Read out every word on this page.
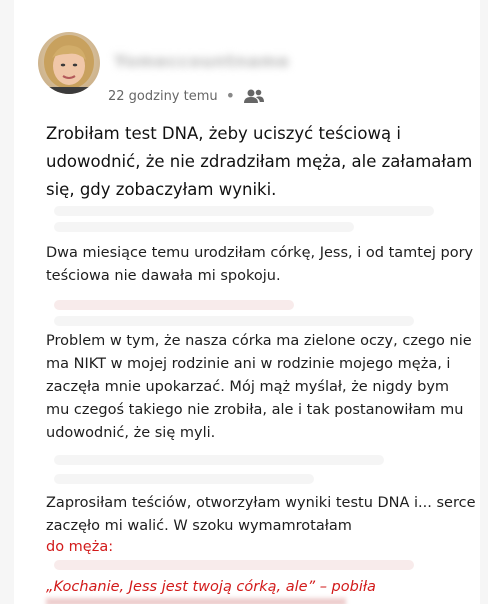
Yomeccountname
22 godziny temu •
Zrobiłam test DNA, żeby uciszyć teściową i udowodnić, że nie zdradziłam męża, ale załamałam się, gdy zobaczyłam wyniki.
Dwa miesiące temu urodziłam córkę, Jess, i od tamtej pory teściowa nie dawała mi spokoju.
Problem w tym, że nasza córka ma zielone oczy, czego nie ma NIKT w mojej rodzinie ani w rodzinie mojego męża, i zaczęła mnie upokarzać. Mój mąż myślał, że nigdy bym mu czegoś takiego nie zrobiła, ale i tak postanowiłam mu udowodnić, że się myli.
Zaprosiłam teściów, otworzyłam wyniki testu DNA i... serce zaczęło mi walić. W szoku wymamrotałam
do męża:
„Kochanie, Jess jest twoją córką, ale” – pobiła
